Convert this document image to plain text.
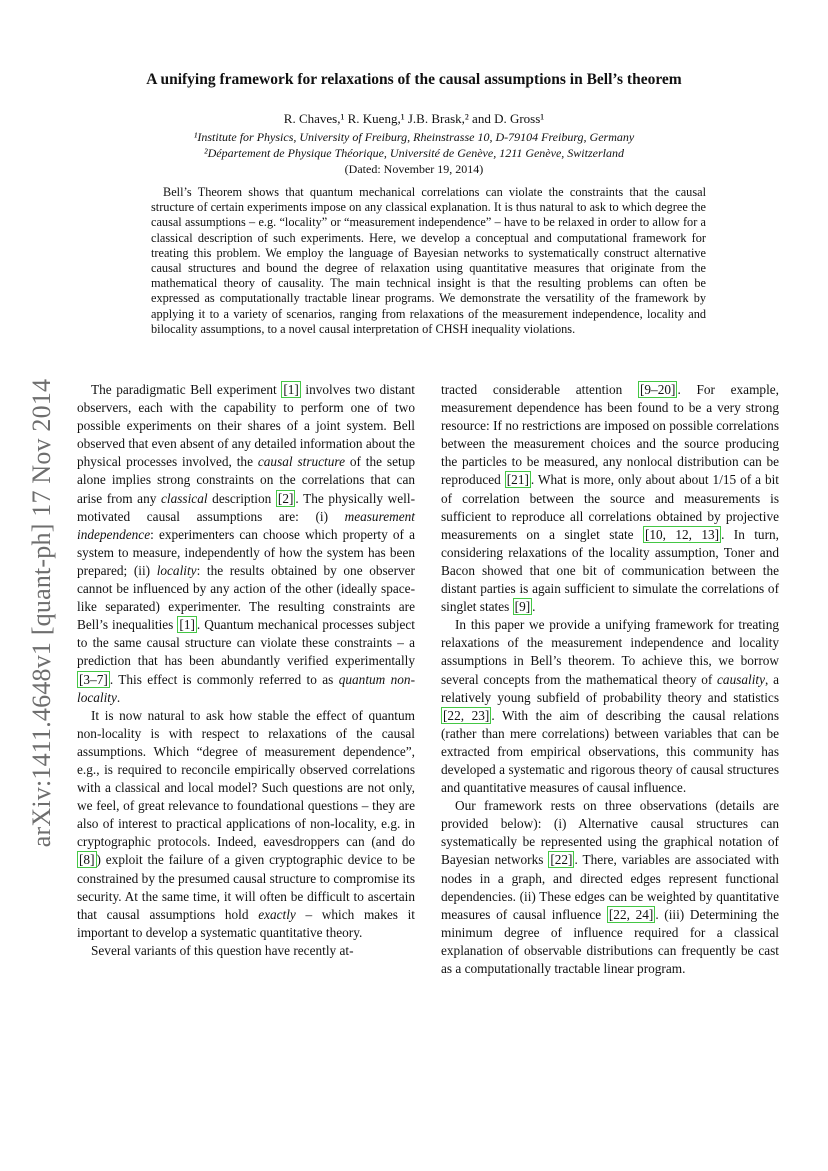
arXiv:1411.4648v1 [quant-ph] 17 Nov 2014
A unifying framework for relaxations of the causal assumptions in Bell’s theorem
R. Chaves,¹ R. Kueng,¹ J.B. Brask,² and D. Gross¹
¹Institute for Physics, University of Freiburg, Rheinstrasse 10, D-79104 Freiburg, Germany
²Département de Physique Théorique, Université de Genève, 1211 Genève, Switzerland
(Dated: November 19, 2014)
Bell’s Theorem shows that quantum mechanical correlations can violate the constraints that the causal structure of certain experiments impose on any classical explanation. It is thus natural to ask to which degree the causal assumptions – e.g. “locality” or “measurement independence” – have to be relaxed in order to allow for a classical description of such experiments. Here, we develop a conceptual and computational framework for treating this problem. We employ the language of Bayesian networks to systematically construct alternative causal structures and bound the degree of relaxation using quantitative measures that originate from the mathematical theory of causality. The main technical insight is that the resulting problems can often be expressed as computationally tractable linear programs. We demonstrate the versatility of the framework by applying it to a variety of scenarios, ranging from relaxations of the measurement independence, locality and bilocality assumptions, to a novel causal interpretation of CHSH inequality violations.

The paradigmatic Bell experiment [1] involves two distant observers, each with the capability to perform one of two possible experiments on their shares of a joint system. Bell observed that even absent of any detailed information about the physical processes involved, the causal structure of the setup alone implies strong constraints on the correlations that can arise from any classical description [2] . The physically well-motivated causal assumptions are: (i) measurement independence: experimenters can choose which property of a system to measure, independently of how the system has been prepared; (ii) locality: the results obtained by one observer cannot be influenced by any action of the other (ideally space-like separated) experimenter. The resulting constraints are Bell’s inequalities [1] . Quantum mechanical processes subject to the same causal structure can violate these constraints – a prediction that has been abundantly verified experimentally [3–7] . This effect is commonly referred to as quantum non-locality.

It is now natural to ask how stable the effect of quantum non-locality is with respect to relaxations of the causal assumptions. Which “degree of measurement dependence”, e.g., is required to reconcile empirically observed correlations with a classical and local model? Such questions are not only, we feel, of great relevance to foundational questions – they are also of interest to practical applications of non-locality, e.g. in cryptographic protocols. Indeed, eavesdroppers can (and do [8] ) exploit the failure of a given cryptographic device to be constrained by the presumed causal structure to compromise its security. At the same time, it will often be difficult to ascertain that causal assumptions hold exactly – which makes it important to develop a systematic quantitative theory.

Several variants of this question have recently at-

tracted considerable attention [9–20] . For example, measurement dependence has been found to be a very strong resource: If no restrictions are imposed on possible correlations between the measurement choices and the source producing the particles to be measured, any nonlocal distribution can be reproduced [21] . What is more, only about about 1/15 of a bit of correlation between the source and measurements is sufficient to reproduce all correlations obtained by projective measurements on a singlet state [10, 12, 13] . In turn, considering relaxations of the locality assumption, Toner and Bacon showed that one bit of communication between the distant parties is again sufficient to simulate the correlations of singlet states [9] .

In this paper we provide a unifying framework for treating relaxations of the measurement independence and locality assumptions in Bell’s theorem. To achieve this, we borrow several concepts from the mathematical theory of causality, a relatively young subfield of probability theory and statistics [22, 23] . With the aim of describing the causal relations (rather than mere correlations) between variables that can be extracted from empirical observations, this community has developed a systematic and rigorous theory of causal structures and quantitative measures of causal influence.

Our framework rests on three observations (details are provided below): (i) Alternative causal structures can systematically be represented using the graphical notation of Bayesian networks [22] . There, variables are associated with nodes in a graph, and directed edges represent functional dependencies. (ii) These edges can be weighted by quantitative measures of causal influence [22, 24] . (iii) Determining the minimum degree of influence required for a classical explanation of observable distributions can frequently be cast as a computationally tractable linear program.
